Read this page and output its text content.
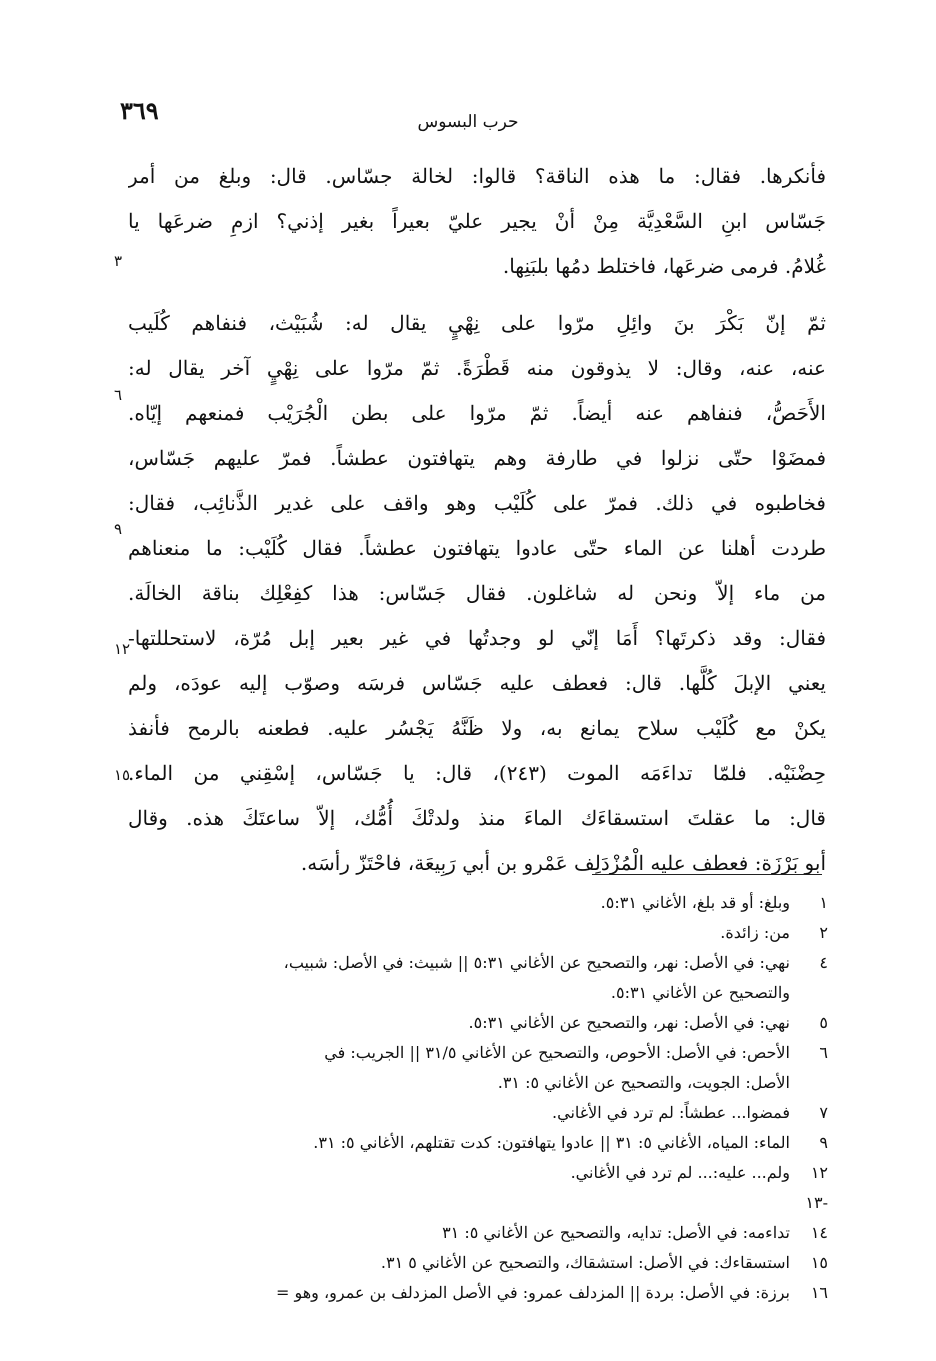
٣٦٩	حرب البسوس

فأنكرها. فقال: ما هذه الناقة؟ قالوا: لخالة جسّاس. قال: وبلغ من أمر
جَسّاس ابنِ السَّعْدِيَّة مِنْ أنْ يجير عليّ بعيراً بغير إذني؟ ازمِ ضرعَها يا
غُلامُ. فرمى ضرعَها، فاختلط دمُها بلبَنِها.

ثمّ إنّ بَكْرَ بنَ وائِلِ مرّوا على نِهْيٍ يقال له: شُبَيْث، فنفاهم كُلَيب
عنه، عنه، وقال: لا يذوقون منه قَطْرَةً. ثمّ مرّوا على نِهْيٍ آخر يقال له:
الأَحَصُّ، فنفاهم عنه أيضاً. ثمّ مرّوا على بطن الْجُرَيْب فمنعهم إيّاه.
فمضَوْا حتّى نزلوا في طارفة وهم يتهافتون عطشاً. فمرّ عليهم جَسّاس،
فخاطبوه في ذلك. فمرّ على كُلَيْب وهو واقف على غدير الذَّنائِب، فقال:
طردت أهلنا عن الماء حتّى عادوا يتهافتون عطشاً. فقال كُلَيْب: ما منعناهم
من ماء إلاّ ونحن له شاغلون. فقال جَسّاس: هذا كفِعْلِك بناقة الخالَة.
فقال: وقد ذكرتَها؟ أَمَا إنّي لو وجدتُها في غير بعير إبل مُرّة، لاستحللتها-
يعني الإبلَ كُلَّها. قال: فعطف عليه جَسّاس فرسَه وصوّب إليه عودَه، ولم
يكنْ مع كُلَيْب سلاح يمانع به، ولا ظَنَّهُ يَجْسُر عليه. فطعنه بالرمح فأنفذ
حِضْنَيْه. فلمّا تداءَمَه الموت (٢٤٣)، قال: يا جَسّاس، إسْقِني من الماء.
قال: ما عقلتَ استسقاءَك الماءَ منذ ولدتْكَ أُمُّك، إلاّ ساعتَكَ هذه. وقال
أبو بَرْزَة: فعطف عليه الْمُزْدَلِف عَمْرو بن أبي رَبِيعَة، فاحْتَزّ رأسَه.

٣
٦
٩
١٢
١٥
١
وبلغ: أو قد بلغ، الأغاني ٥:٣١.
٢
من: زائدة.
٤
نهي: في الأصل: نهر، والتصحيح عن الأغاني ٥:٣١ || شبيث: في الأصل: شبيب،
والتصحيح عن الأغاني ٥:٣١.
٥
نهي: في الأصل: نهر، والتصحيح عن الأغاني ٥:٣١.
٦
الأحص: في الأصل: الأحوص، والتصحيح عن الأغاني ٣١/٥ || الجريب: في
الأصل: الجويت، والتصحيح عن الأغاني ٥: ٣١.
٧
فمضوا... عطشاً: لم ترد في الأغاني.
٩
الماء: المياه، الأغاني ٥: ٣١ || عادوا يتهافتون: كدت تقتلهم، الأغاني ٥: ٣١.
١٢ -١٣
ولم... عليه:... لم ترد في الأغاني.
١٤
تداءمه: في الأصل: تدايه، والتصحيح عن الأغاني ٥: ٣١
١٥
استسقاءك: في الأصل: استشقاك، والتصحيح عن الأغاني ٥ ٣١.
١٦
برزة: في الأصل: بردة || المزدلف عمرو: في الأصل المزدلف بن عمرو، وهو =
